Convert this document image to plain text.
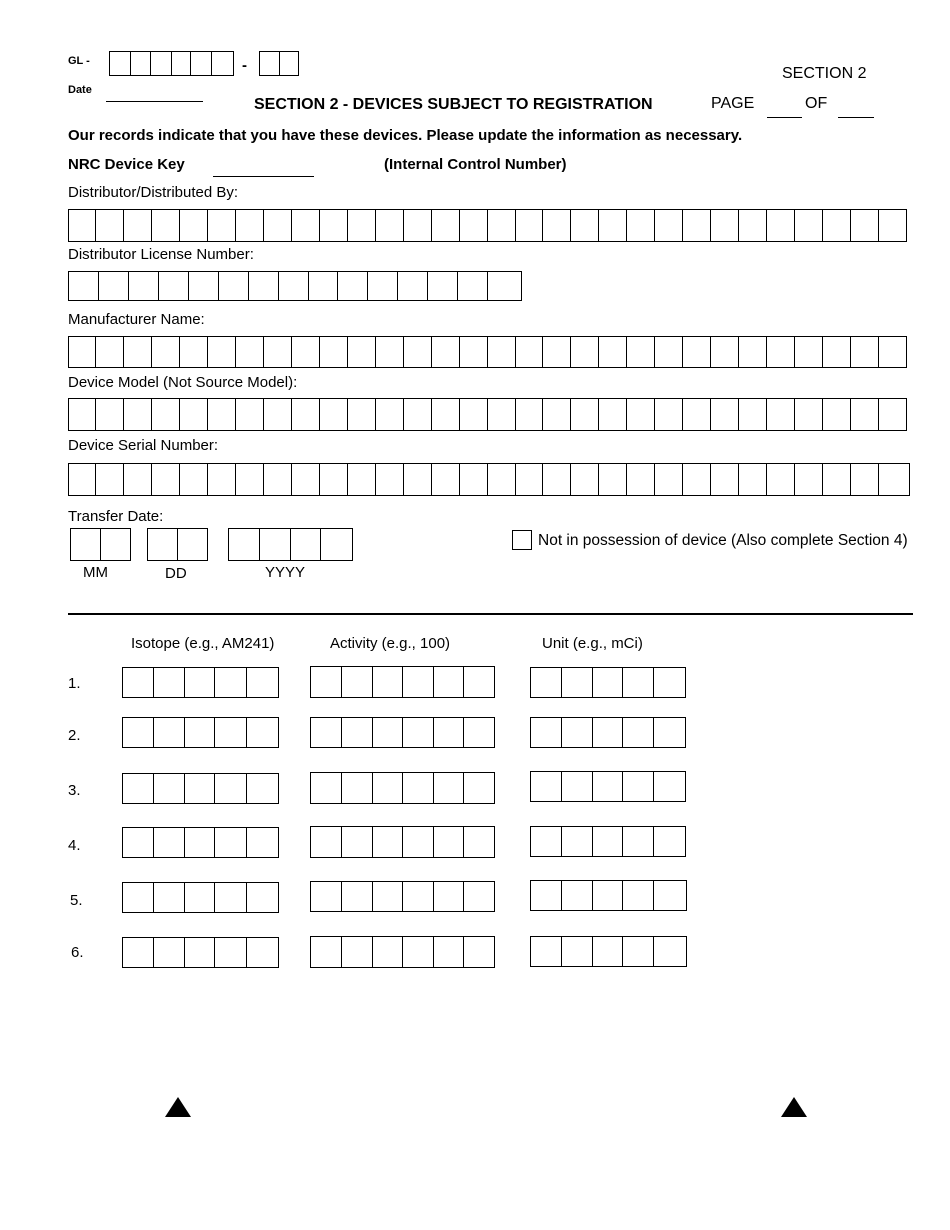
GL -	-
Date
SECTION 2
SECTION 2 - DEVICES SUBJECT TO REGISTRATION	PAGE	OF
Our records indicate that you have these devices. Please update the information as necessary.
NRC Device Key	(Internal Control Number)
Distributor/Distributed By:
Distributor License Number:
Manufacturer Name:
Device Model (Not Source Model):
Device Serial Number:
Transfer Date:
MM	DD	YYYY
Not in possession of device (Also complete Section 4)
Isotope (e.g., AM241)	Activity (e.g., 100)	Unit (e.g., mCi)
1.
2.
3.
4.
5.
6.
